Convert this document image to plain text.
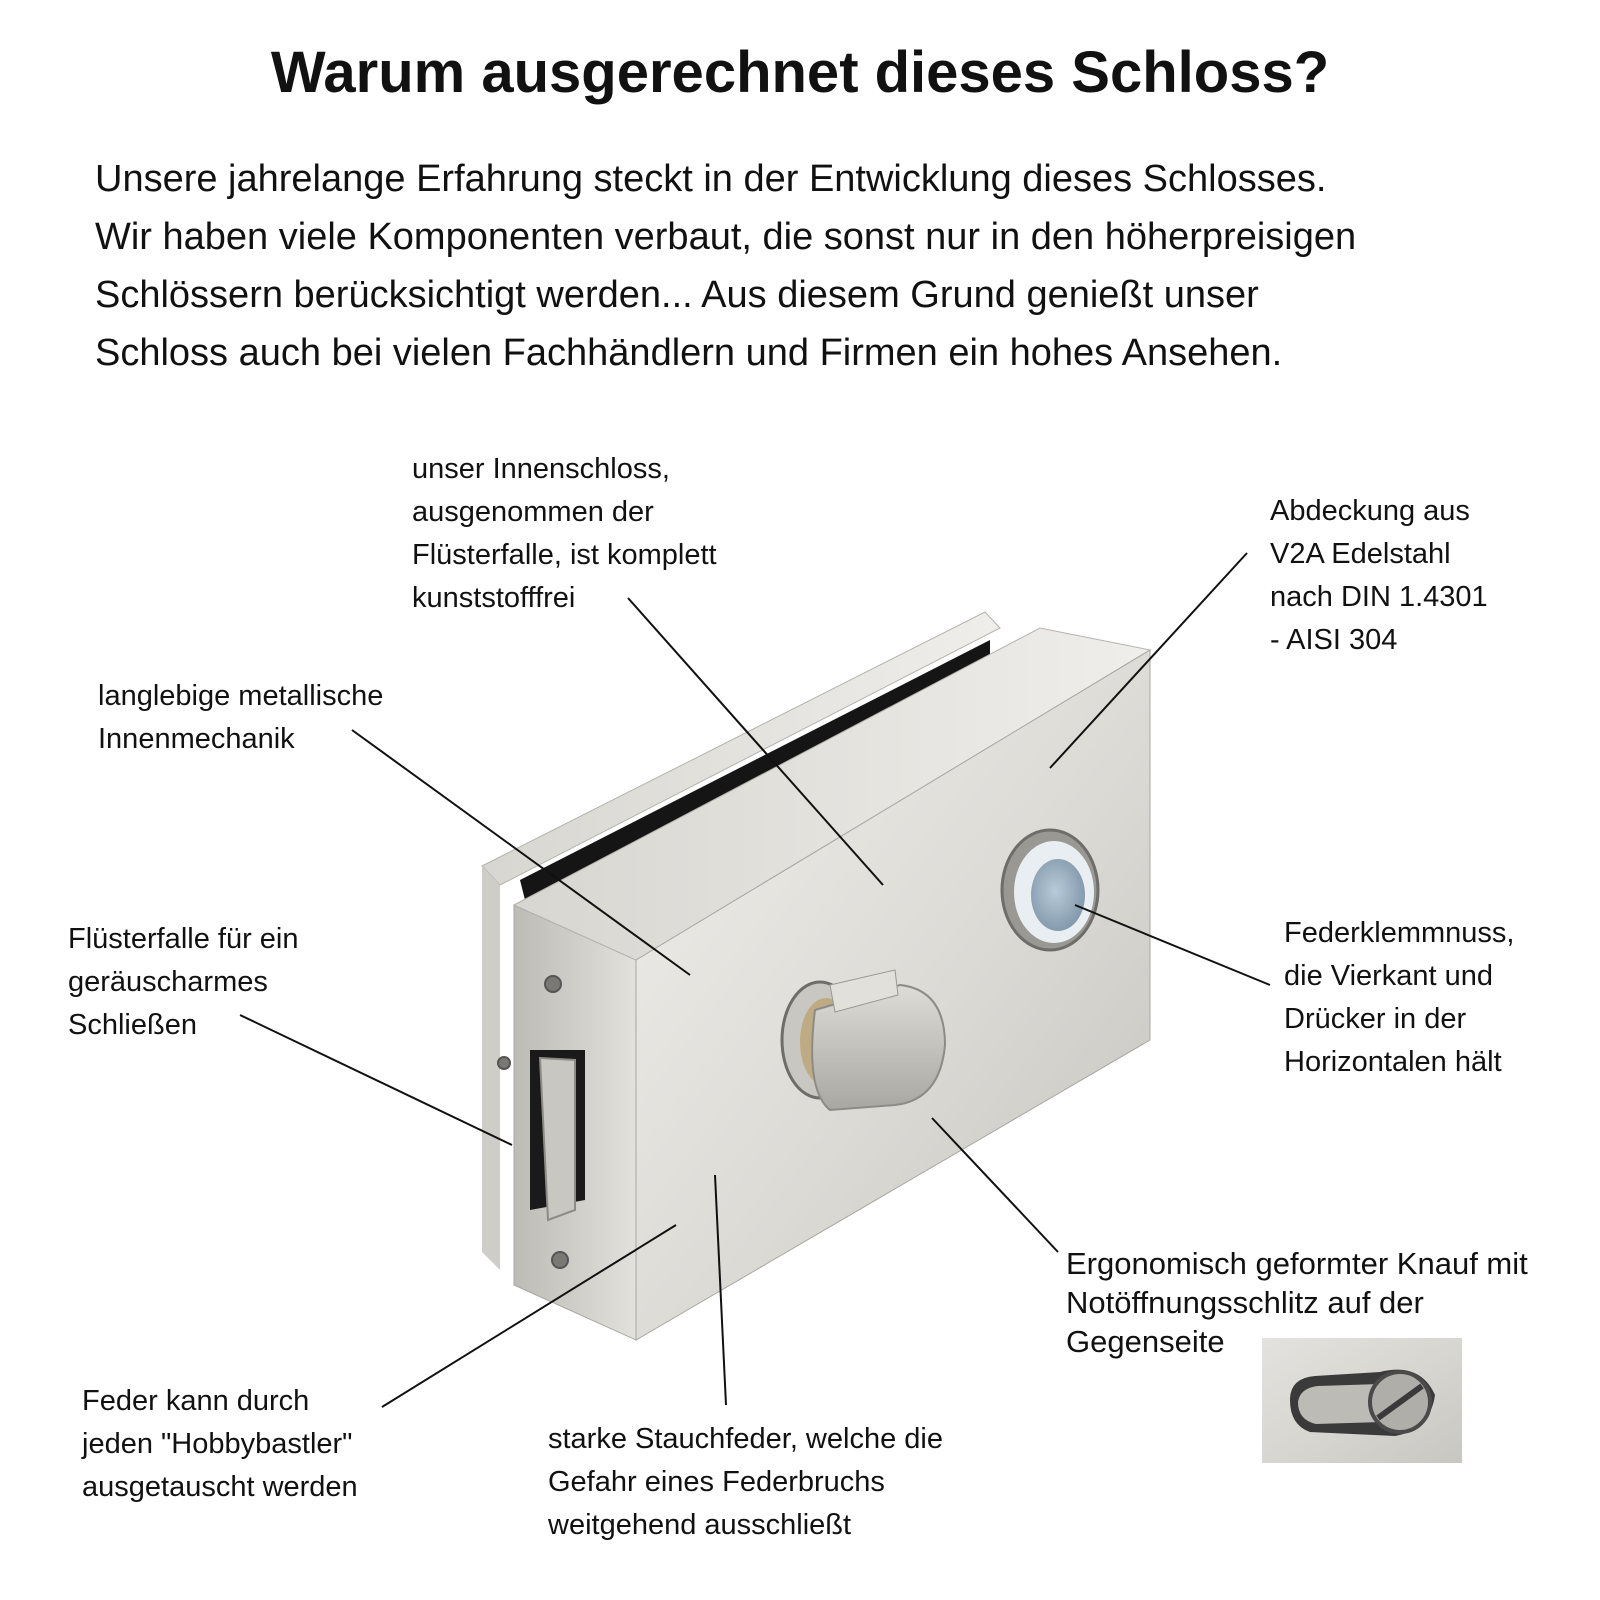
Warum ausgerechnet dieses Schloss?
Unsere jahrelange Erfahrung steckt in der Entwicklung dieses Schlosses.
Wir haben viele Komponenten verbaut, die sonst nur in den höherpreisigen
Schlössern berücksichtigt werden... Aus diesem Grund genießt unser
Schloss auch bei vielen Fachhändlern und Firmen ein hohes Ansehen.
unser Innenschloss,
ausgenommen der
Flüsterfalle, ist komplett
kunststofffrei
Abdeckung aus
V2A Edelstahl
nach DIN 1.4301
- AISI 304
langlebige metallische
Innenmechanik
Flüsterfalle für ein
geräuscharmes
Schließen
Federklemmnuss,
die Vierkant und
Drücker in der
Horizontalen hält
Ergonomisch geformter Knauf mit
Notöffnungsschlitz auf der
Gegenseite
Feder kann durch
jeden "Hobbybastler"
ausgetauscht werden
starke Stauchfeder, welche die
Gefahr eines Federbruchs
weitgehend ausschließt
